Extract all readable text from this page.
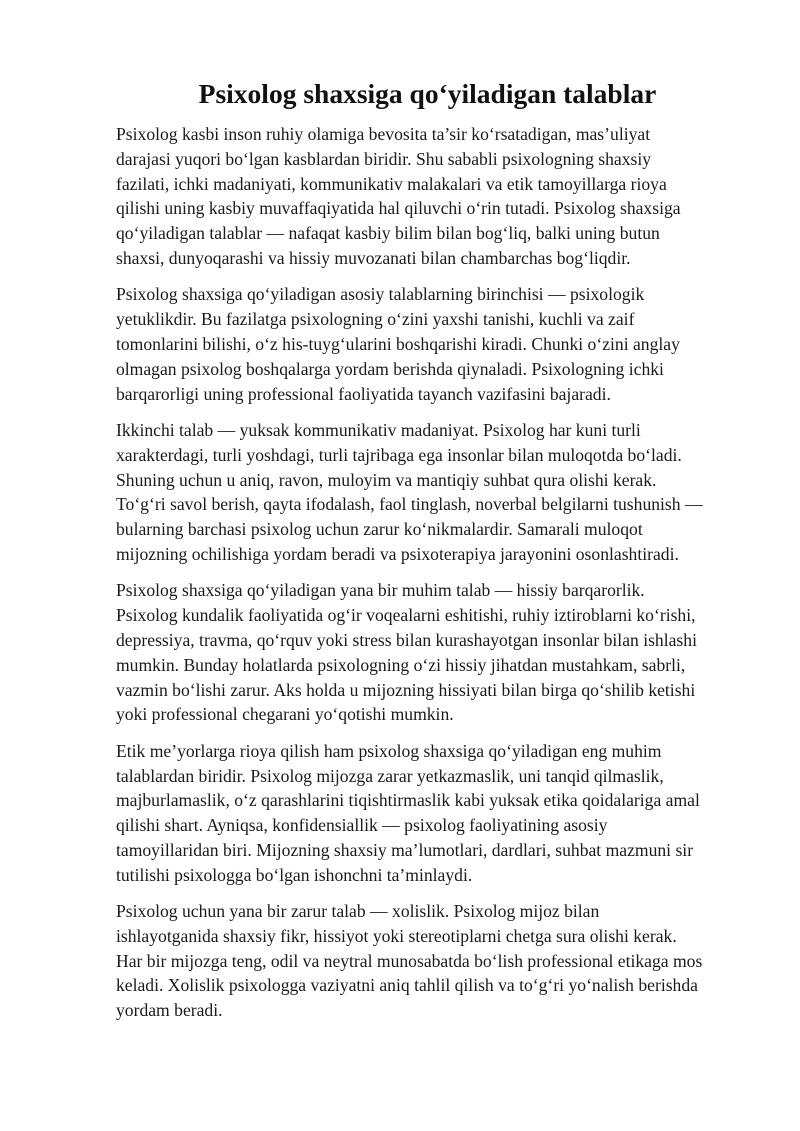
Psixolog shaxsiga qo‘yiladigan talablar

Psixolog kasbi inson ruhiy olamiga bevosita ta’sir ko‘rsatadigan, mas’uliyat
darajasi yuqori bo‘lgan kasblardan biridir. Shu sababli psixologning shaxsiy
fazilati, ichki madaniyati, kommunikativ malakalari va etik tamoyillarga rioya
qilishi uning kasbiy muvaffaqiyatida hal qiluvchi o‘rin tutadi. Psixolog shaxsiga
qo‘yiladigan talablar — nafaqat kasbiy bilim bilan bog‘liq, balki uning butun
shaxsi, dunyoqarashi va hissiy muvozanati bilan chambarchas bog‘liqdir.

Psixolog shaxsiga qo‘yiladigan asosiy talablarning birinchisi — psixologik
yetuklikdir. Bu fazilatga psixologning o‘zini yaxshi tanishi, kuchli va zaif
tomonlarini bilishi, o‘z his-tuyg‘ularini boshqarishi kiradi. Chunki o‘zini anglay
olmagan psixolog boshqalarga yordam berishda qiynaladi. Psixologning ichki
barqarorligi uning professional faoliyatida tayanch vazifasini bajaradi.

Ikkinchi talab — yuksak kommunikativ madaniyat. Psixolog har kuni turli
xarakterdagi, turli yoshdagi, turli tajribaga ega insonlar bilan muloqotda bo‘ladi.
Shuning uchun u aniq, ravon, muloyim va mantiqiy suhbat qura olishi kerak.
To‘g‘ri savol berish, qayta ifodalash, faol tinglash, noverbal belgilarni tushunish —
bularning barchasi psixolog uchun zarur ko‘nikmalardir. Samarali muloqot
mijozning ochilishiga yordam beradi va psixoterapiya jarayonini osonlashtiradi.

Psixolog shaxsiga qo‘yiladigan yana bir muhim talab — hissiy barqarorlik.
Psixolog kundalik faoliyatida og‘ir voqealarni eshitishi, ruhiy iztiroblarni ko‘rishi,
depressiya, travma, qo‘rquv yoki stress bilan kurashayotgan insonlar bilan ishlashi
mumkin. Bunday holatlarda psixologning o‘zi hissiy jihatdan mustahkam, sabrli,
vazmin bo‘lishi zarur. Aks holda u mijozning hissiyati bilan birga qo‘shilib ketishi
yoki professional chegarani yo‘qotishi mumkin.

Etik me’yorlarga rioya qilish ham psixolog shaxsiga qo‘yiladigan eng muhim
talablardan biridir. Psixolog mijozga zarar yetkazmaslik, uni tanqid qilmaslik,
majburlamaslik, o‘z qarashlarini tiqishtirmaslik kabi yuksak etika qoidalariga amal
qilishi shart. Ayniqsa, konfidensiallik — psixolog faoliyatining asosiy
tamoyillaridan biri. Mijozning shaxsiy ma’lumotlari, dardlari, suhbat mazmuni sir
tutilishi psixologga bo‘lgan ishonchni ta’minlaydi.

Psixolog uchun yana bir zarur talab — xolislik. Psixolog mijoz bilan
ishlayotganida shaxsiy fikr, hissiyot yoki stereotiplarni chetga sura olishi kerak.
Har bir mijozga teng, odil va neytral munosabatda bo‘lish professional etikaga mos
keladi. Xolislik psixologga vaziyatni aniq tahlil qilish va to‘g‘ri yo‘nalish berishda
yordam beradi.
